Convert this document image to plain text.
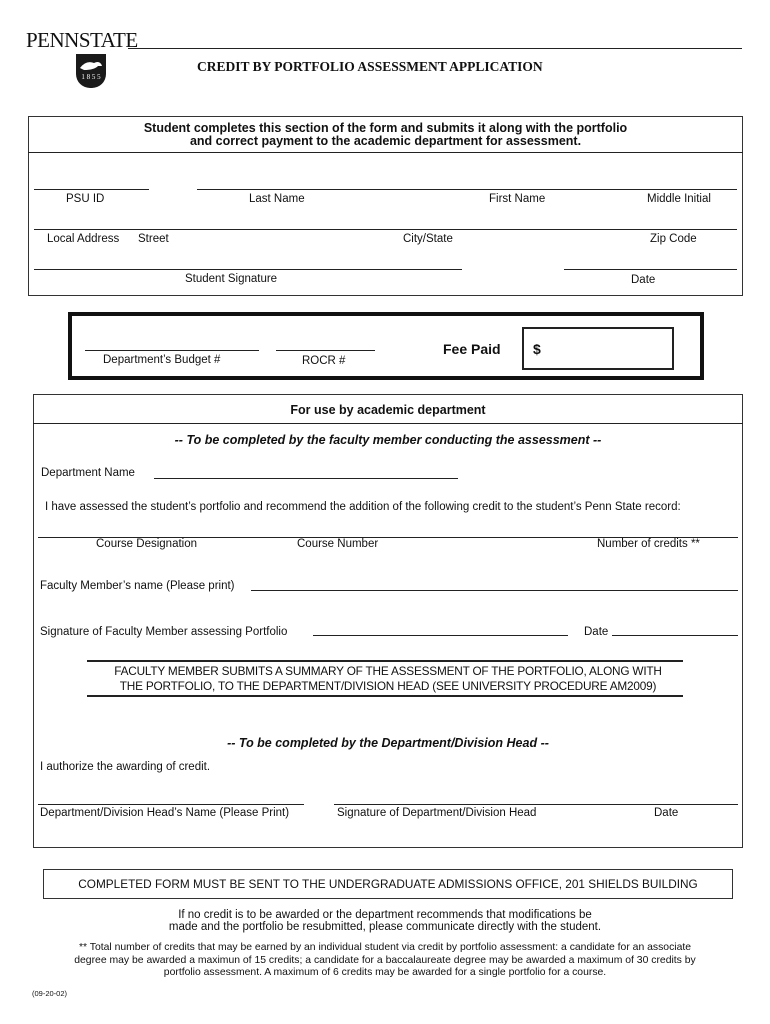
PENNSTATE
1 8 5 5
CREDIT BY PORTFOLIO ASSESSMENT APPLICATION
Student completes this section of the form and submits it along with the portfolio
and correct payment to the academic department for assessment.
PSU ID	Last Name	First Name	Middle Initial
Local Address Street	City/State	Zip Code
Student Signature	Date
Department’s Budget #	ROCR #
Fee Paid $
For use by academic department
-- To be completed by the faculty member conducting the assessment --
Department Name
I have assessed the student’s portfolio and recommend the addition of the following credit to the student’s Penn State record:
Course Designation	Course Number	Number of credits **
Faculty Member’s name (Please print)
Signature of Faculty Member assessing Portfolio	Date
FACULTY MEMBER SUBMITS A SUMMARY OF THE ASSESSMENT OF THE PORTFOLIO, ALONG WITH
THE PORTFOLIO, TO THE DEPARTMENT/DIVISION HEAD (SEE UNIVERSITY PROCEDURE AM2009)
-- To be completed by the Department/Division Head --
I authorize the awarding of credit.
Department/Division Head’s Name (Please Print)	Signature of Department/Division Head	Date
COMPLETED FORM MUST BE SENT TO THE UNDERGRADUATE ADMISSIONS OFFICE, 201 SHIELDS BUILDING
If no credit is to be awarded or the department recommends that modifications be
made and the portfolio be resubmitted, please communicate directly with the student.
** Total number of credits that may be earned by an individual student via credit by portfolio assessment: a candidate for an associate
degree may be awarded a maximun of 15 credits; a candidate for a baccalaureate degree may be awarded a maximum of 30 credits by
portfolio assessment. A maximum of 6 credits may be awarded for a single portfolio for a course.
(09-20-02)
